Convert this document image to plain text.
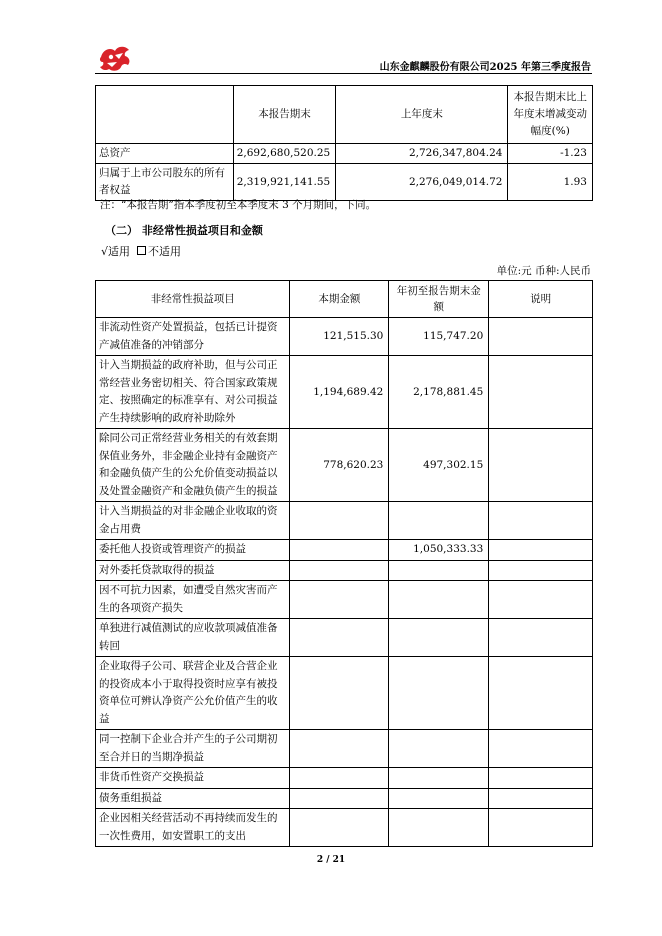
山东金麒麟股份有限公司2025 年第三季度报告
	本报告期末	上年度末	本报告期末比上年度末增减变动幅度(%)
总资产	2,692,680,520.25	2,726,347,804.24	-1.23
归属于上市公司股东的所有者权益	2,319,921,141.55	2,276,049,014.72	1.93
注：“本报告期”指本季度初至本季度末 3 个月期间，下同。
（二） 非经常性损益项目和金额
√适用 不适用
单位:元 币种:人民币
非经常性损益项目	本期金额	年初至报告期末金额	说明
非流动性资产处置损益，包括已计提资产减值准备的冲销部分	121,515.30	115,747.20	
计入当期损益的政府补助，但与公司正常经营业务密切相关、符合国家政策规定、按照确定的标准享有、对公司损益产生持续影响的政府补助除外	1,194,689.42	2,178,881.45	
除同公司正常经营业务相关的有效套期保值业务外，非金融企业持有金融资产和金融负债产生的公允价值变动损益以及处置金融资产和金融负债产生的损益	778,620.23	497,302.15	
计入当期损益的对非金融企业收取的资金占用费			
委托他人投资或管理资产的损益		1,050,333.33	
对外委托贷款取得的损益			
因不可抗力因素，如遭受自然灾害而产生的各项资产损失			
单独进行减值测试的应收款项减值准备转回			
企业取得子公司、联营企业及合营企业的投资成本小于取得投资时应享有被投资单位可辨认净资产公允价值产生的收益			
同一控制下企业合并产生的子公司期初至合并日的当期净损益			
非货币性资产交换损益			
债务重组损益			
企业因相关经营活动不再持续而发生的一次性费用，如安置职工的支出			
2 / 21
